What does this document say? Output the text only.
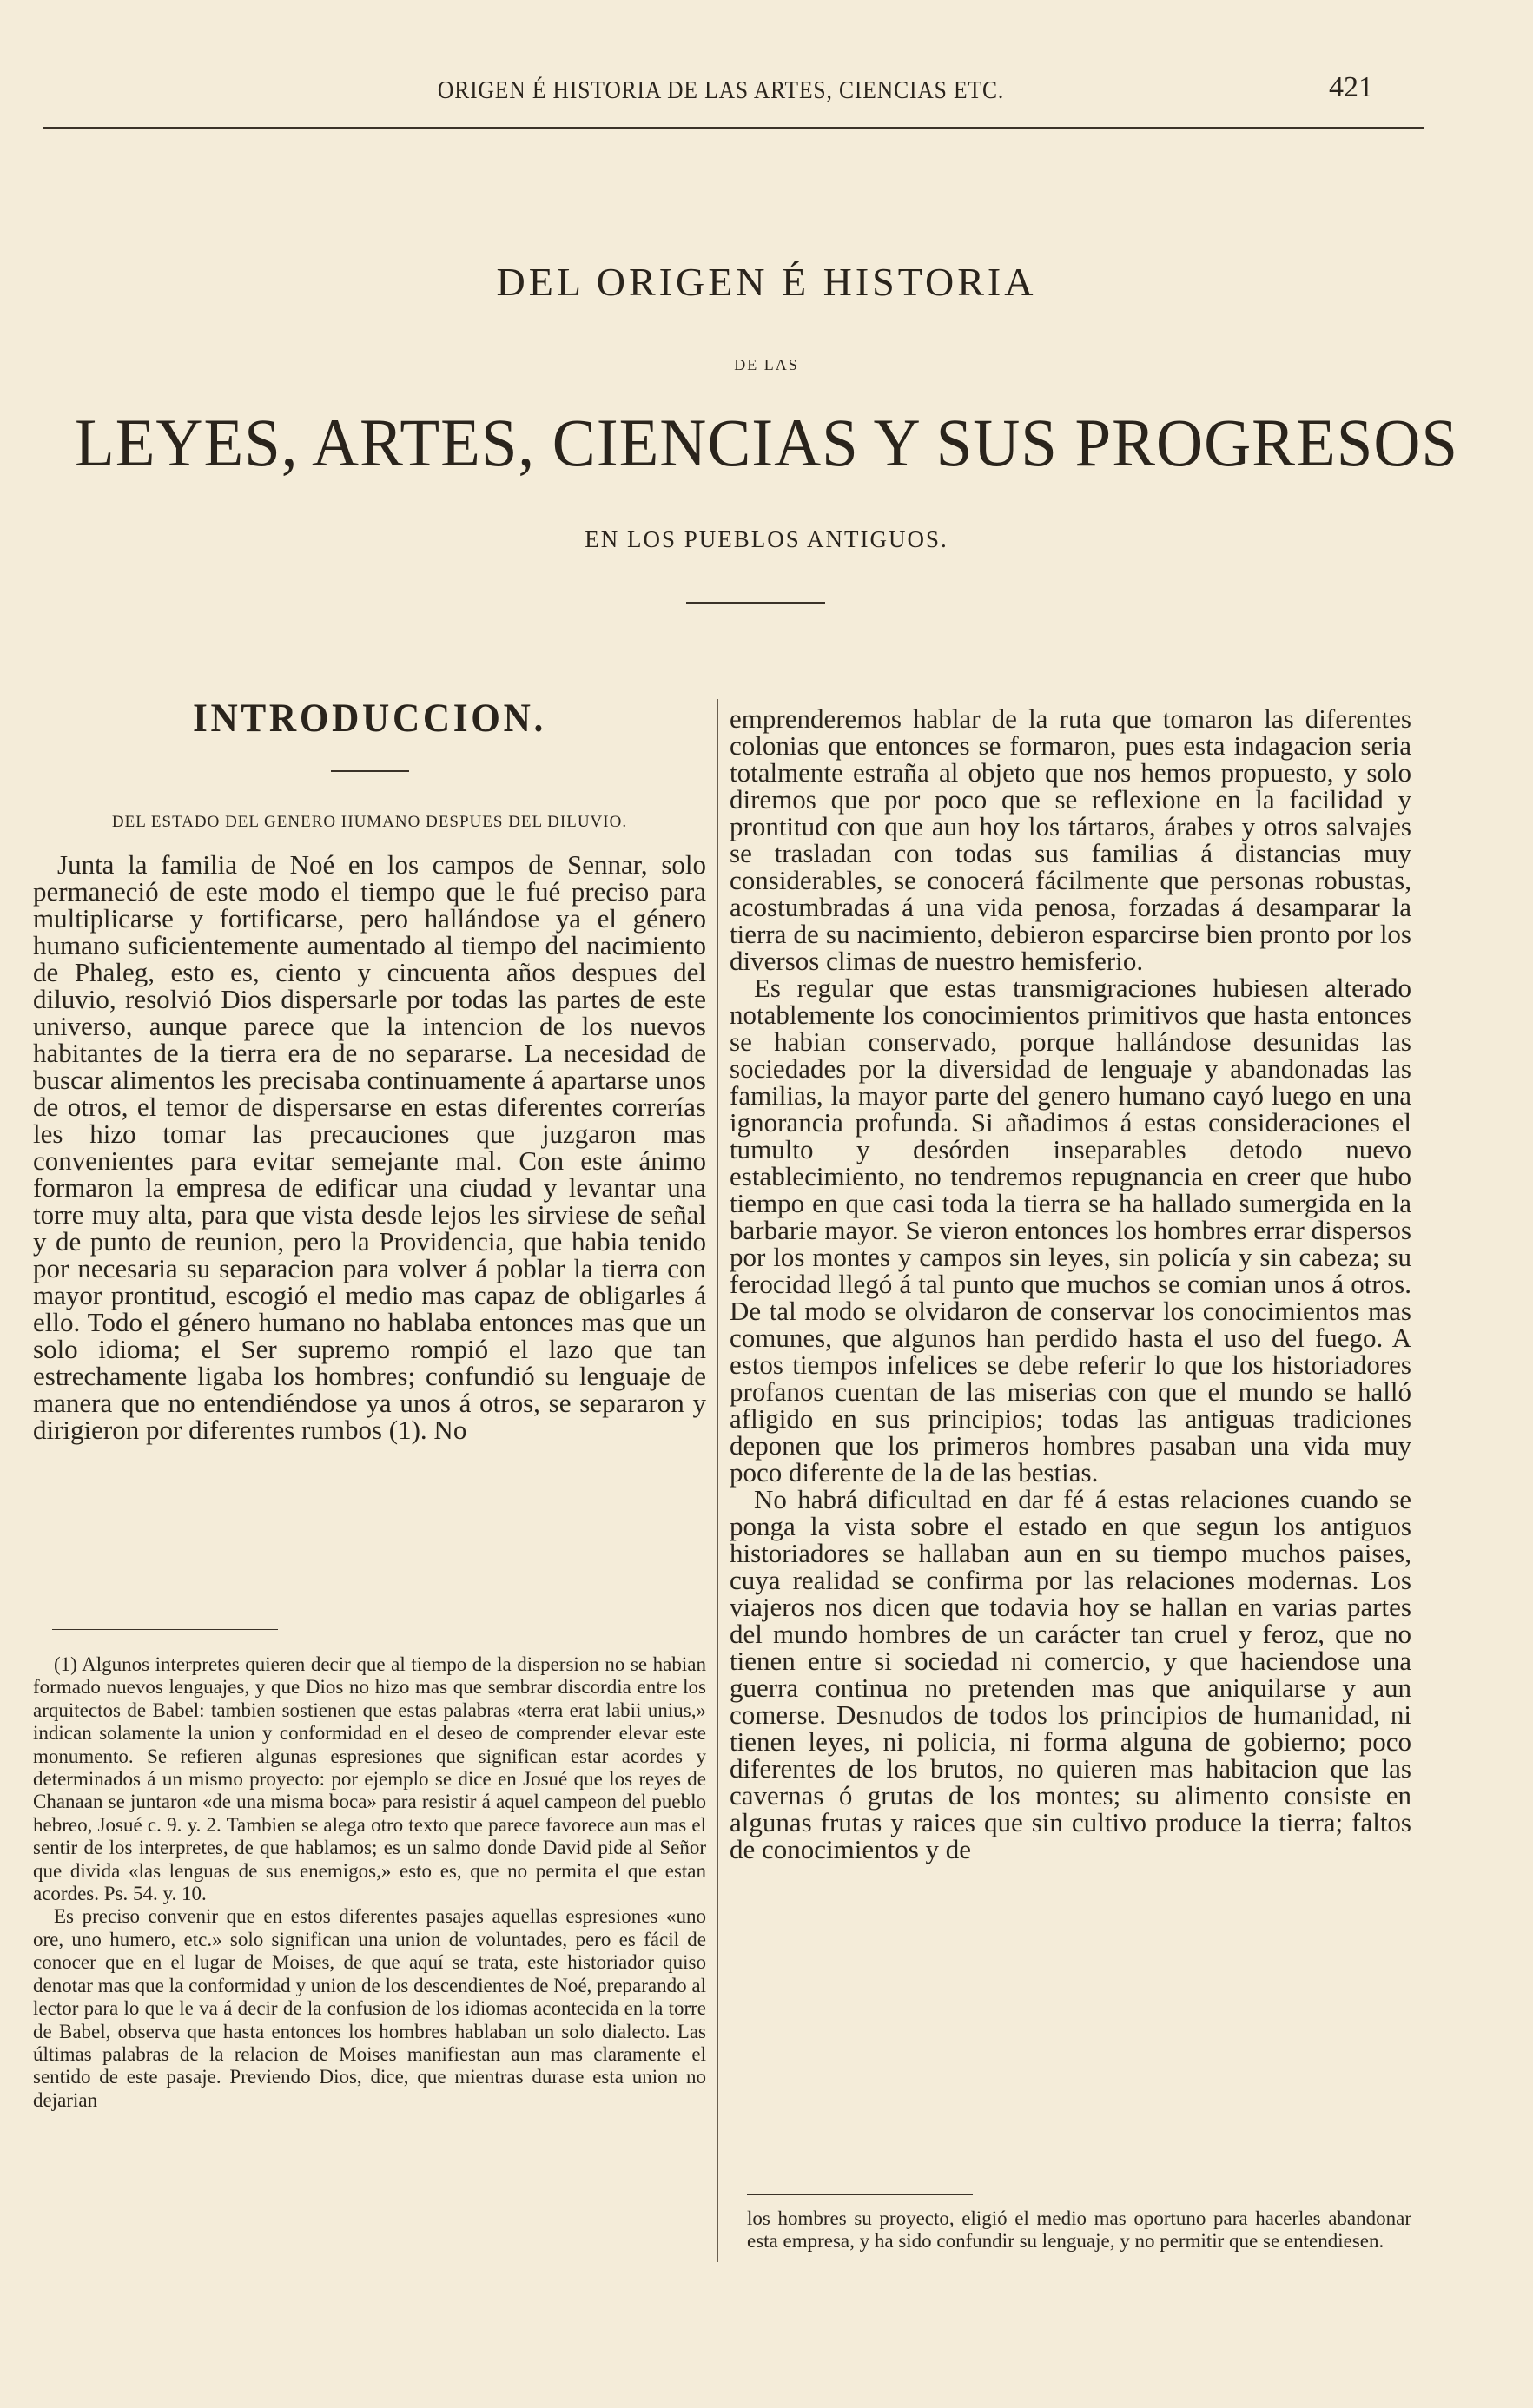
ORIGEN É HISTORIA DE LAS ARTES, CIENCIAS ETC.	421
DEL ORIGEN É HISTORIA
DE LAS
LEYES, ARTES, CIENCIAS Y SUS PROGRESOS
EN LOS PUEBLOS ANTIGUOS.
INTRODUCCION.
DEL ESTADO DEL GENERO HUMANO DESPUES DEL DILUVIO.

Junta la familia de Noé en los campos de Sennar, solo permaneció de este modo el tiempo que le fué preciso para multiplicarse y fortificarse, pero hallándose ya el género humano suficientemente aumentado al tiempo del nacimiento de Phaleg, esto es, ciento y cincuenta años despues del diluvio, resolvió Dios dispersarle por todas las partes de este universo, aunque parece que la intencion de los nuevos habitantes de la tierra era de no separarse. La necesidad de buscar alimentos les precisaba continuamente á apartarse unos de otros, el temor de dispersarse en estas diferentes correrías les hizo tomar las precauciones que juzgaron mas convenientes para evitar semejante mal. Con este ánimo formaron la empresa de edificar una ciudad y levantar una torre muy alta, para que vista desde lejos les sirviese de señal y de punto de reunion, pero la Providencia, que habia tenido por necesaria su separacion para volver á poblar la tierra con mayor prontitud, escogió el medio mas capaz de obligarles á ello. Todo el género humano no hablaba entonces mas que un solo idioma; el Ser supremo rompió el lazo que tan estrechamente ligaba los hombres; confundió su lenguaje de manera que no entendiéndose ya unos á otros, se separaron y dirigieron por diferentes rumbos (1). No

emprenderemos hablar de la ruta que tomaron las diferentes colonias que entonces se formaron, pues esta indagacion seria totalmente estraña al objeto que nos hemos propuesto, y solo diremos que por poco que se reflexione en la facilidad y prontitud con que aun hoy los tártaros, árabes y otros salvajes se trasladan con todas sus familias á distancias muy considerables, se conocerá fácilmente que personas robustas, acostumbradas á una vida penosa, forzadas á desamparar la tierra de su nacimiento, debieron esparcirse bien pronto por los diversos climas de nuestro hemisferio.

Es regular que estas transmigraciones hubiesen alterado notablemente los conocimientos primitivos que hasta entonces se habian conservado, porque hallándose desunidas las sociedades por la diversidad de lenguaje y abandonadas las familias, la mayor parte del genero humano cayó luego en una ignorancia profunda. Si añadimos á estas consideraciones el tumulto y desórden inseparables detodo nuevo establecimiento, no tendremos repugnancia en creer que hubo tiempo en que casi toda la tierra se ha hallado sumergida en la barbarie mayor. Se vieron entonces los hombres errar dispersos por los montes y campos sin leyes, sin policía y sin cabeza; su ferocidad llegó á tal punto que muchos se comian unos á otros. De tal modo se olvidaron de conservar los conocimientos mas comunes, que algunos han perdido hasta el uso del fuego. A estos tiempos infelices se debe referir lo que los historiadores profanos cuentan de las miserias con que el mundo se halló afligido en sus principios; todas las antiguas tradiciones deponen que los primeros hombres pasaban una vida muy poco diferente de la de las bestias.

No habrá dificultad en dar fé á estas relaciones cuando se ponga la vista sobre el estado en que segun los antiguos historiadores se hallaban aun en su tiempo muchos paises, cuya realidad se confirma por las relaciones modernas. Los viajeros nos dicen que todavia hoy se hallan en varias partes del mundo hombres de un carácter tan cruel y feroz, que no tienen entre si sociedad ni comercio, y que haciendose una guerra continua no pretenden mas que aniquilarse y aun comerse. Desnudos de todos los principios de humanidad, ni tienen leyes, ni policia, ni forma alguna de gobierno; poco diferentes de los brutos, no quieren mas habitacion que las cavernas ó grutas de los montes; su alimento consiste en algunas frutas y raices que sin cultivo produce la tierra; faltos de conocimientos y de

(1) Algunos interpretes quieren decir que al tiempo de la dispersion no se habian formado nuevos lenguajes, y que Dios no hizo mas que sembrar discordia entre los arquitectos de Babel: tambien sostienen que estas palabras «terra erat labii unius,» indican solamente la union y conformidad en el deseo de comprender elevar este monumento. Se refieren algunas espresiones que significan estar acordes y determinados á un mismo proyecto: por ejemplo se dice en Josué que los reyes de Chanaan se juntaron «de una misma boca» para resistir á aquel campeon del pueblo hebreo, Josué c. 9. y. 2. Tambien se alega otro texto que parece favorece aun mas el sentir de los interpretes, de que hablamos; es un salmo donde David pide al Señor que divida «las lenguas de sus enemigos,» esto es, que no permita el que estan acordes. Ps. 54. y. 10.

Es preciso convenir que en estos diferentes pasajes aquellas espresiones «uno ore, uno humero, etc.» solo significan una union de voluntades, pero es fácil de conocer que en el lugar de Moises, de que aquí se trata, este historiador quiso denotar mas que la conformidad y union de los descendientes de Noé, preparando al lector para lo que le va á decir de la confusion de los idiomas acontecida en la torre de Babel, observa que hasta entonces los hombres hablaban un solo dialecto. Las últimas palabras de la relacion de Moises manifiestan aun mas claramente el sentido de este pasaje. Previendo Dios, dice, que mientras durase esta union no dejarian

los hombres su proyecto, eligió el medio mas oportuno para hacerles abandonar esta empresa, y ha sido confundir su lenguaje, y no permitir que se entendiesen.
